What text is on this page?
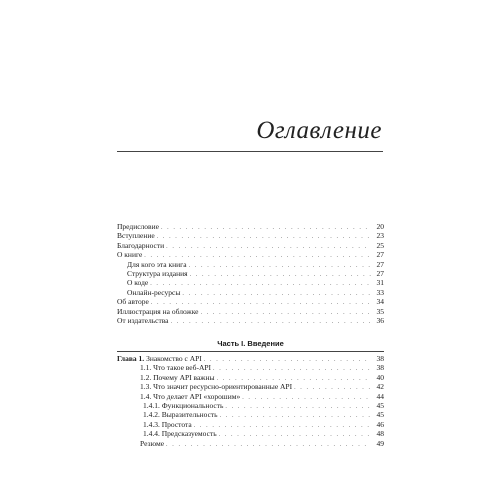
Оглавление
Предисловие . . .	20
Вступление . . .	23
Благодарности . . .	25
О книге . . .	27
Для кого эта книга . . .	27
Структура издания . . .	27
О коде . . .	31
Онлайн-ресурсы . . .	33
Об авторе . . .	34
Иллюстрация на обложке . . .	35
От издательства . . .	36
Часть I. Введение
Глава 1. Знакомство с API . . .	38
1.1. Что такое веб-API . . .	38
1.2. Почему API важны . . .	40
1.3. Что значит ресурсно-ориентированные API . . .	42
1.4. Что делает API «хорошим» . . .	44
1.4.1. Функциональность . . .	45
1.4.2. Выразительность . . .	45
1.4.3. Простота . . .	46
1.4.4. Предсказуемость . . .	48
Резюме . . .	49
